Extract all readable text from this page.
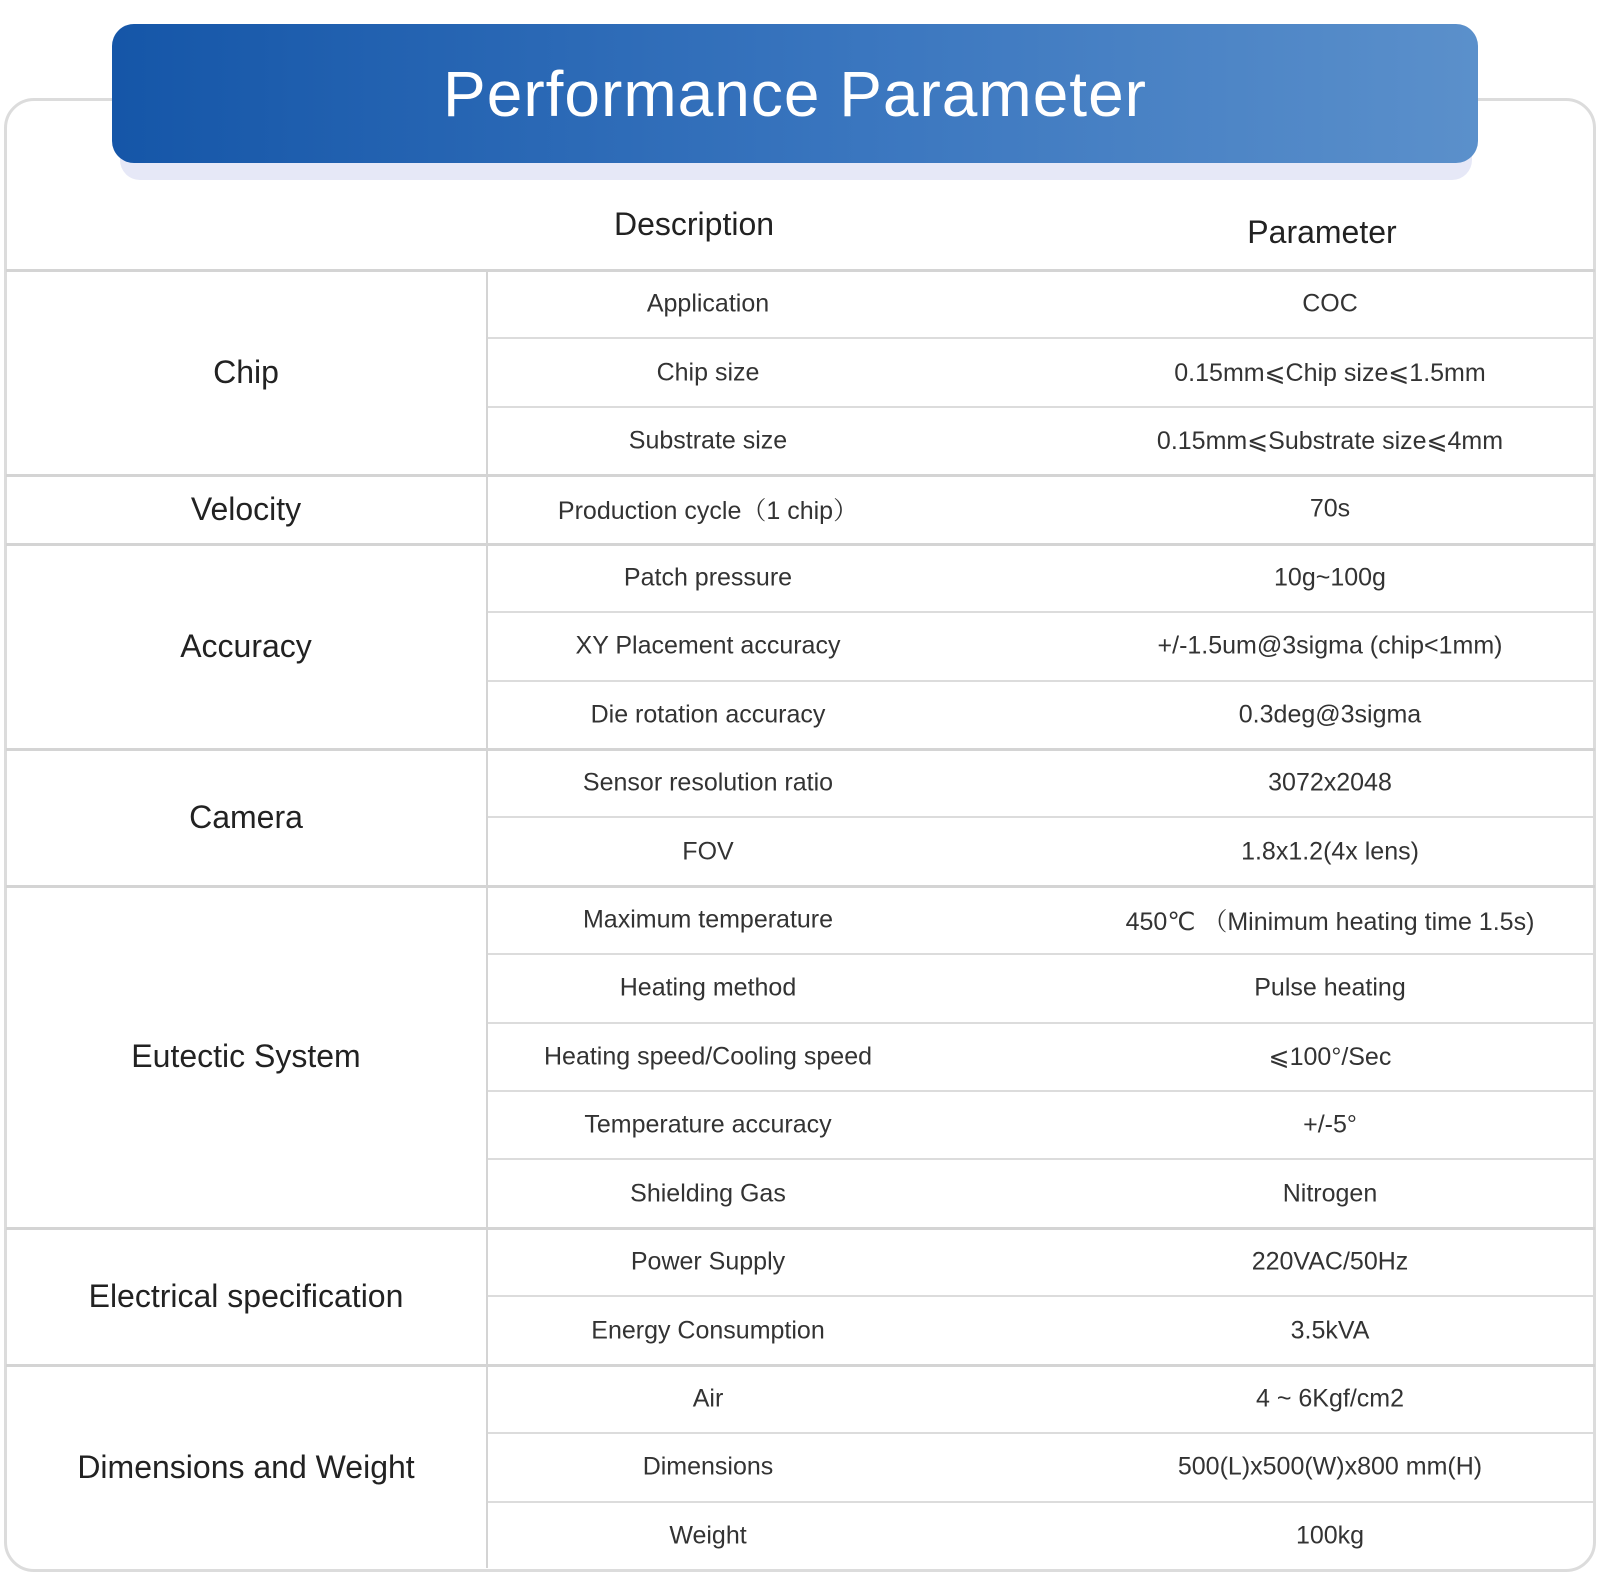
Performance Parameter
Description	Parameter
Chip
Application	COC
Chip size	0.15mm⩽Chip size⩽1.5mm
Substrate size	0.15mm⩽Substrate size⩽4mm
Velocity	Production cycle（1 chip）	70s
Accuracy
Patch pressure	10g~100g
XY Placement accuracy	+/-1.5um@3sigma (chip<1mm)
Die rotation accuracy	0.3deg@3sigma
Camera
Sensor resolution ratio	3072x2048
FOV	1.8x1.2(4x lens)
Eutectic System
Maximum temperature	450℃ （Minimum heating time 1.5s)
Heating method	Pulse heating
Heating speed/Cooling speed	⩽100°/Sec
Temperature accuracy	+/-5°
Shielding Gas	Nitrogen
Electrical specification
Power Supply	220VAC/50Hz
Energy Consumption	3.5kVA
Dimensions and Weight
Air	4 ~ 6Kgf/cm2
Dimensions	500(L)x500(W)x800 mm(H)
Weight	100kg
